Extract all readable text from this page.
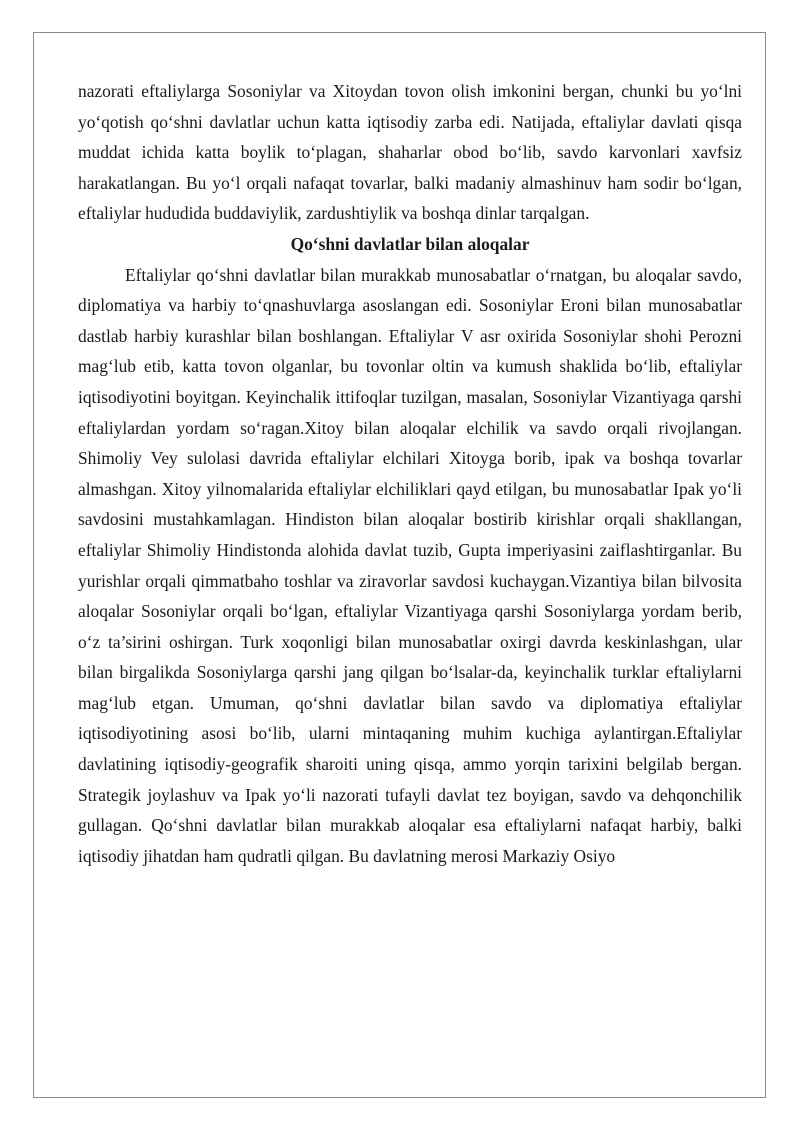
nazorati eftaliylarga Sosoniylar va Xitoydan tovon olish imkonini bergan, chunki bu yo‘lni yo‘qotish qo‘shni davlatlar uchun katta iqtisodiy zarba edi. Natijada, eftaliylar davlati qisqa muddat ichida katta boylik to‘plagan, shaharlar obod bo‘lib, savdo karvonlari xavfsiz harakatlangan. Bu yo‘l orqali nafaqat tovarlar, balki madaniy almashinuv ham sodir bo‘lgan, eftaliylar hududida buddaviylik, zardushtiylik va boshqa dinlar tarqalgan.

Qo‘shni davlatlar bilan aloqalar

Eftaliylar qo‘shni davlatlar bilan murakkab munosabatlar o‘rnatgan, bu aloqalar savdo, diplomatiya va harbiy to‘qnashuvlarga asoslangan edi. Sosoniylar Eroni bilan munosabatlar dastlab harbiy kurashlar bilan boshlangan. Eftaliylar V asr oxirida Sosoniylar shohi Perozni mag‘lub etib, katta tovon olganlar, bu tovonlar oltin va kumush shaklida bo‘lib, eftaliylar iqtisodiyotini boyitgan. Keyinchalik ittifoqlar tuzilgan, masalan, Sosoniylar Vizantiyaga qarshi eftaliylardan yordam so‘ragan.Xitoy bilan aloqalar elchilik va savdo orqali rivojlangan. Shimoliy Vey sulolasi davrida eftaliylar elchilari Xitoyga borib, ipak va boshqa tovarlar almashgan. Xitoy yilnomalarida eftaliylar elchiliklari qayd etilgan, bu munosabatlar Ipak yo‘li savdosini mustahkamlagan. Hindiston bilan aloqalar bostirib kirishlar orqali shakllangan, eftaliylar Shimoliy Hindistonda alohida davlat tuzib, Gupta imperiyasini zaiflashtirganlar. Bu yurishlar orqali qimmatbaho toshlar va ziravorlar savdosi kuchaygan.Vizantiya bilan bilvosita aloqalar Sosoniylar orqali bo‘lgan, eftaliylar Vizantiyaga qarshi Sosoniylarga yordam berib, o‘z ta’sirini oshirgan. Turk xoqonligi bilan munosabatlar oxirgi davrda keskinlashgan, ular bilan birgalikda Sosoniylarga qarshi jang qilgan bo‘lsalar-da, keyinchalik turklar eftaliylarni mag‘lub etgan. Umuman, qo‘shni davlatlar bilan savdo va diplomatiya eftaliylar iqtisodiyotining asosi bo‘lib, ularni mintaqaning muhim kuchiga aylantirgan.Eftaliylar davlatining iqtisodiy-geografik sharoiti uning qisqa, ammo yorqin tarixini belgilab bergan. Strategik joylashuv va Ipak yo‘li nazorati tufayli davlat tez boyigan, savdo va dehqonchilik gullagan. Qo‘shni davlatlar bilan murakkab aloqalar esa eftaliylarni nafaqat harbiy, balki iqtisodiy jihatdan ham qudratli qilgan. Bu davlatning merosi Markaziy Osiyo
